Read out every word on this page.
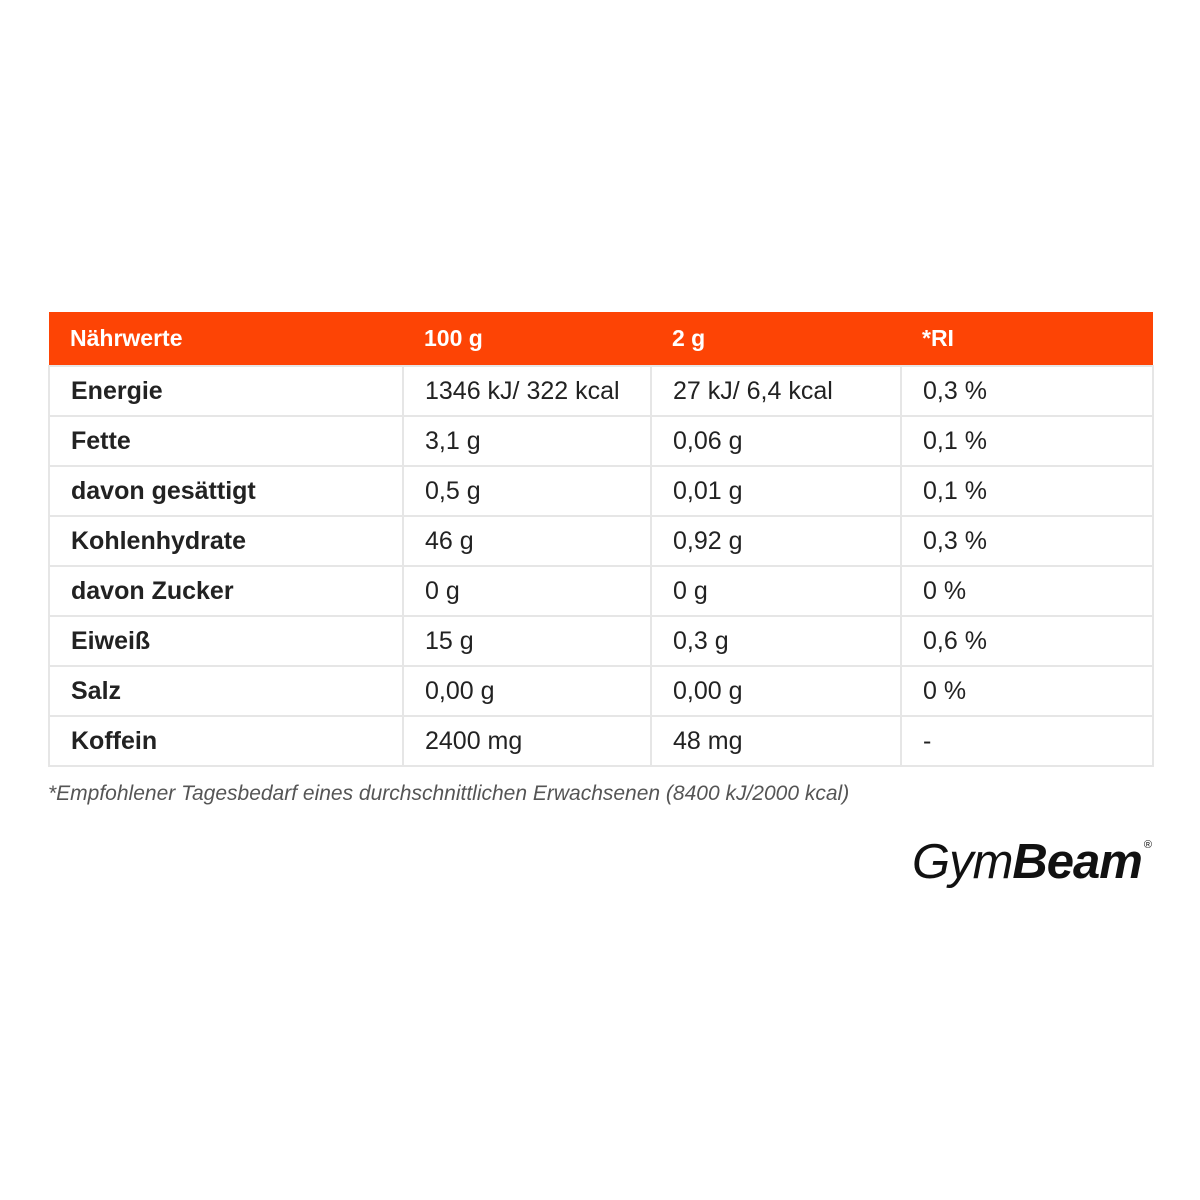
Nährwerte	100 g	2 g	*RI
Energie	1346 kJ/ 322 kcal	27 kJ/ 6,4 kcal	0,3 %
Fette	3,1 g	0,06 g	0,1 %
davon gesättigt	0,5 g	0,01 g	0,1 %
Kohlenhydrate	46 g	0,92 g	0,3 %
davon Zucker	0 g	0 g	0 %
Eiweiß	15 g	0,3 g	0,6 %
Salz	0,00 g	0,00 g	0 %
Koffein	2400 mg	48 mg	-
*Empfohlener Tagesbedarf eines durchschnittlichen Erwachsenen (8400 kJ/2000 kcal)
GymBeam ®
